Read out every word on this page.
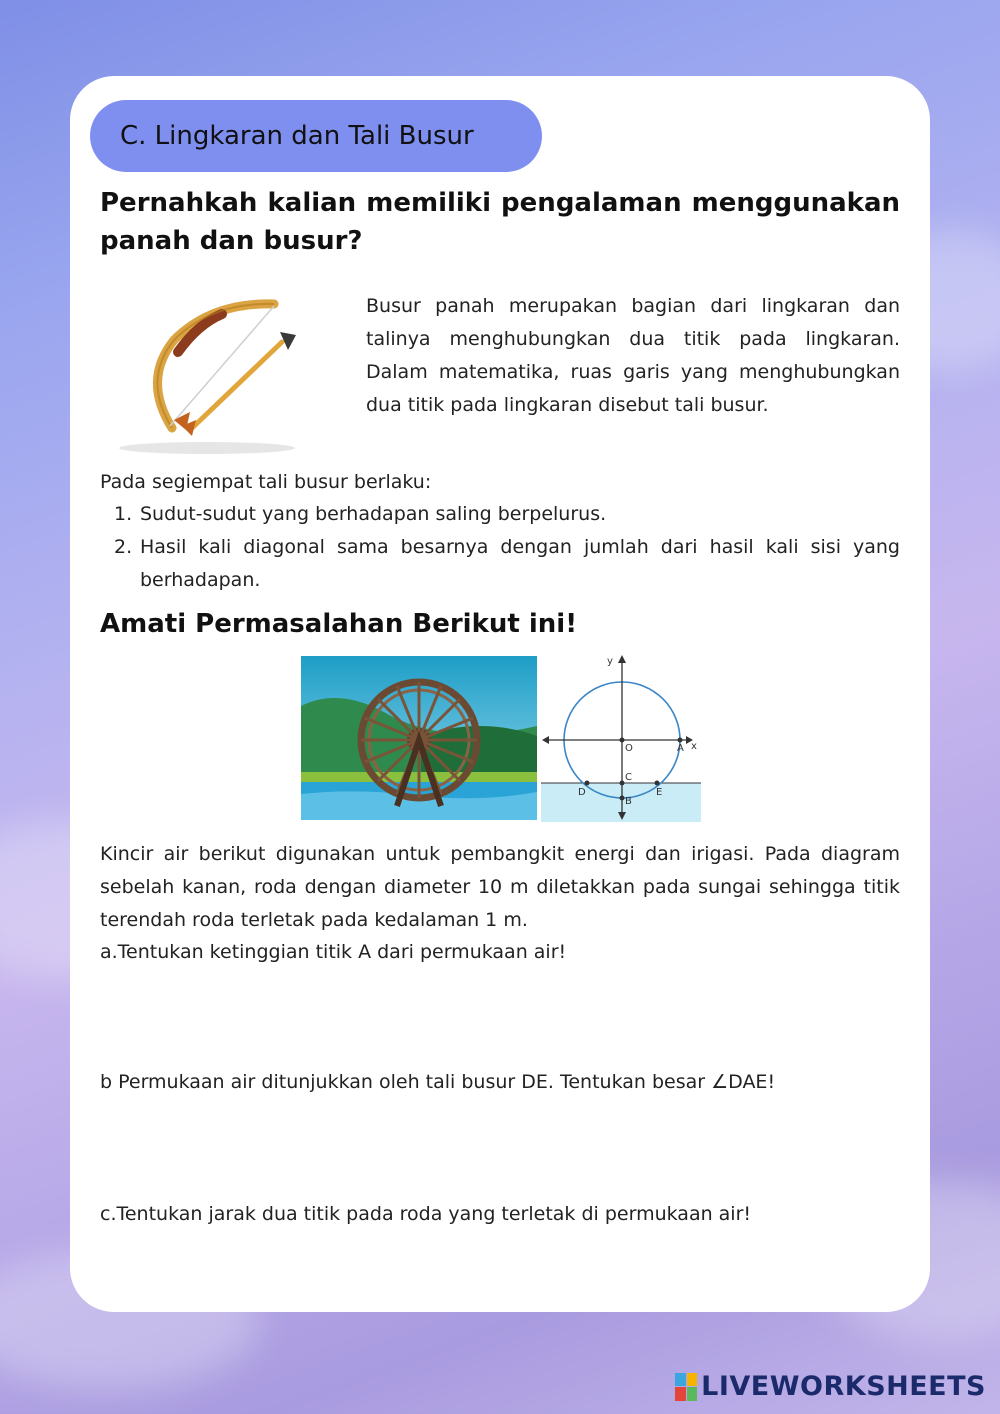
C. Lingkaran dan Tali Busur
Pernahkah kalian memiliki pengalaman menggunakan panah dan busur?
Busur panah merupakan bagian dari lingkaran dan talinya menghubungkan dua titik pada lingkaran. Dalam matematika, ruas garis yang menghubungkan dua titik pada lingkaran disebut tali busur.
Pada segiempat tali busur berlaku:
1. Sudut-sudut yang berhadapan saling berpelurus.
2. Hasil kali diagonal sama besarnya dengan jumlah dari hasil kali sisi yang berhadapan.
Amati Permasalahan Berikut ini!
y
x
O	A
C
D	E
B
Kincir air berikut digunakan untuk pembangkit energi dan irigasi. Pada diagram sebelah kanan, roda dengan diameter 10 m diletakkan pada sungai sehingga titik terendah roda terletak pada kedalaman 1 m.
a.Tentukan ketinggian titik A dari permukaan air!
b Permukaan air ditunjukkan oleh tali busur DE. Tentukan besar ∠DAE!
c.Tentukan jarak dua titik pada roda yang terletak di permukaan air!
LIVEWORKSHEETS
